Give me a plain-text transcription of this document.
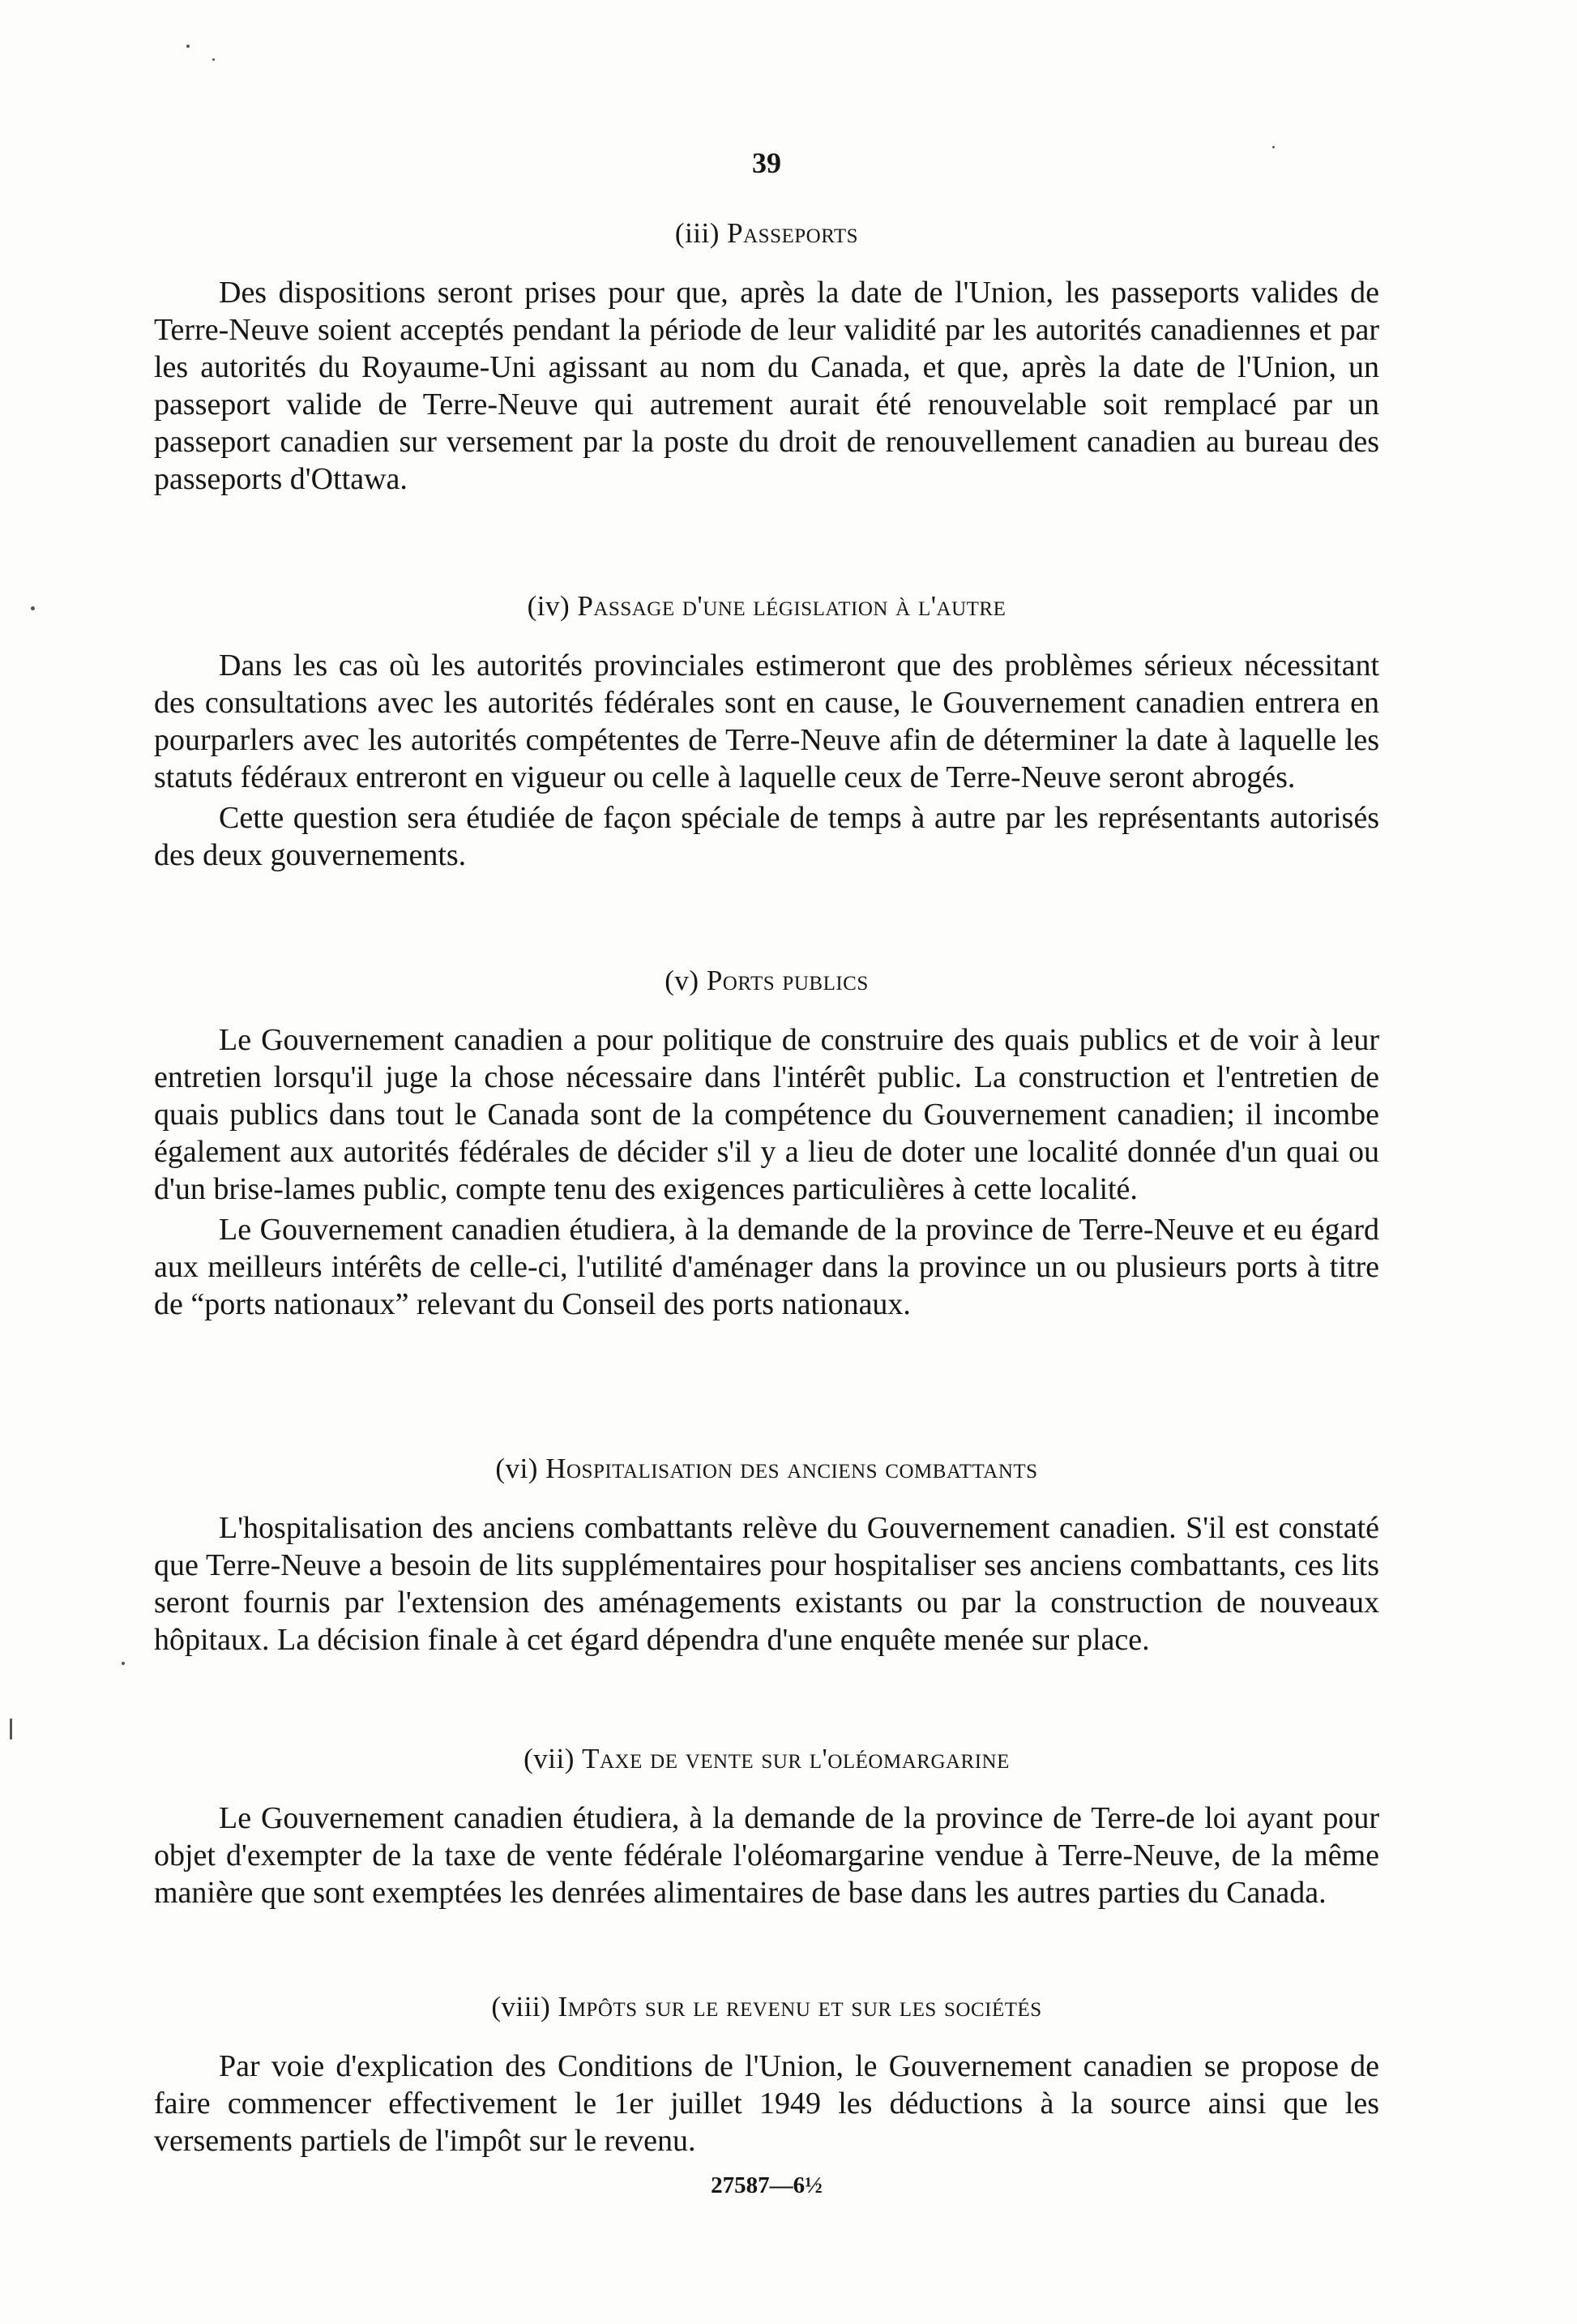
39
(iii) Passeports

Des dispositions seront prises pour que, après la date de l'Union, les passeports valides de Terre-Neuve soient acceptés pendant la période de leur validité par les autorités canadiennes et par les autorités du Royaume-Uni agissant au nom du Canada, et que, après la date de l'Union, un passeport valide de Terre-Neuve qui autrement aurait été renouvelable soit remplacé par un passeport canadien sur versement par la poste du droit de renouvellement canadien au bureau des passeports d'Ottawa.

(iv) Passage d'une législation à l'autre

Dans les cas où les autorités provinciales estimeront que des problèmes sérieux nécessitant des consultations avec les autorités fédérales sont en cause, le Gouvernement canadien entrera en pourparlers avec les autorités compétentes de Terre-Neuve afin de déterminer la date à laquelle les statuts fédéraux entreront en vigueur ou celle à laquelle ceux de Terre-Neuve seront abrogés.

Cette question sera étudiée de façon spéciale de temps à autre par les représentants autorisés des deux gouvernements.

(v) Ports publics

Le Gouvernement canadien a pour politique de construire des quais publics et de voir à leur entretien lorsqu'il juge la chose nécessaire dans l'intérêt public. La construction et l'entretien de quais publics dans tout le Canada sont de la compétence du Gouvernement canadien; il incombe également aux autorités fédérales de décider s'il y a lieu de doter une localité donnée d'un quai ou d'un brise-lames public, compte tenu des exigences particulières à cette localité.

Le Gouvernement canadien étudiera, à la demande de la province de Terre-Neuve et eu égard aux meilleurs intérêts de celle-ci, l'utilité d'aménager dans la province un ou plusieurs ports à titre de “ports nationaux” relevant du Conseil des ports nationaux.

(vi) Hospitalisation des anciens combattants

L'hospitalisation des anciens combattants relève du Gouvernement canadien. S'il est constaté que Terre-Neuve a besoin de lits supplémentaires pour hospitaliser ses anciens combattants, ces lits seront fournis par l'extension des aménagements existants ou par la construction de nouveaux hôpitaux. La décision finale à cet égard dépendra d'une enquête menée sur place.

(vii) Taxe de vente sur l'oléomargarine

Le Gouvernement canadien étudiera, à la demande de la province de Terre-de loi ayant pour objet d'exempter de la taxe de vente fédérale l'oléomargarine vendue à Terre-Neuve, de la même manière que sont exemptées les denrées alimentaires de base dans les autres parties du Canada.

(viii) Impôts sur le revenu et sur les sociétés

Par voie d'explication des Conditions de l'Union, le Gouvernement canadien se propose de faire commencer effectivement le 1er juillet 1949 les déductions à la source ainsi que les versements partiels de l'impôt sur le revenu.

27587—6½
